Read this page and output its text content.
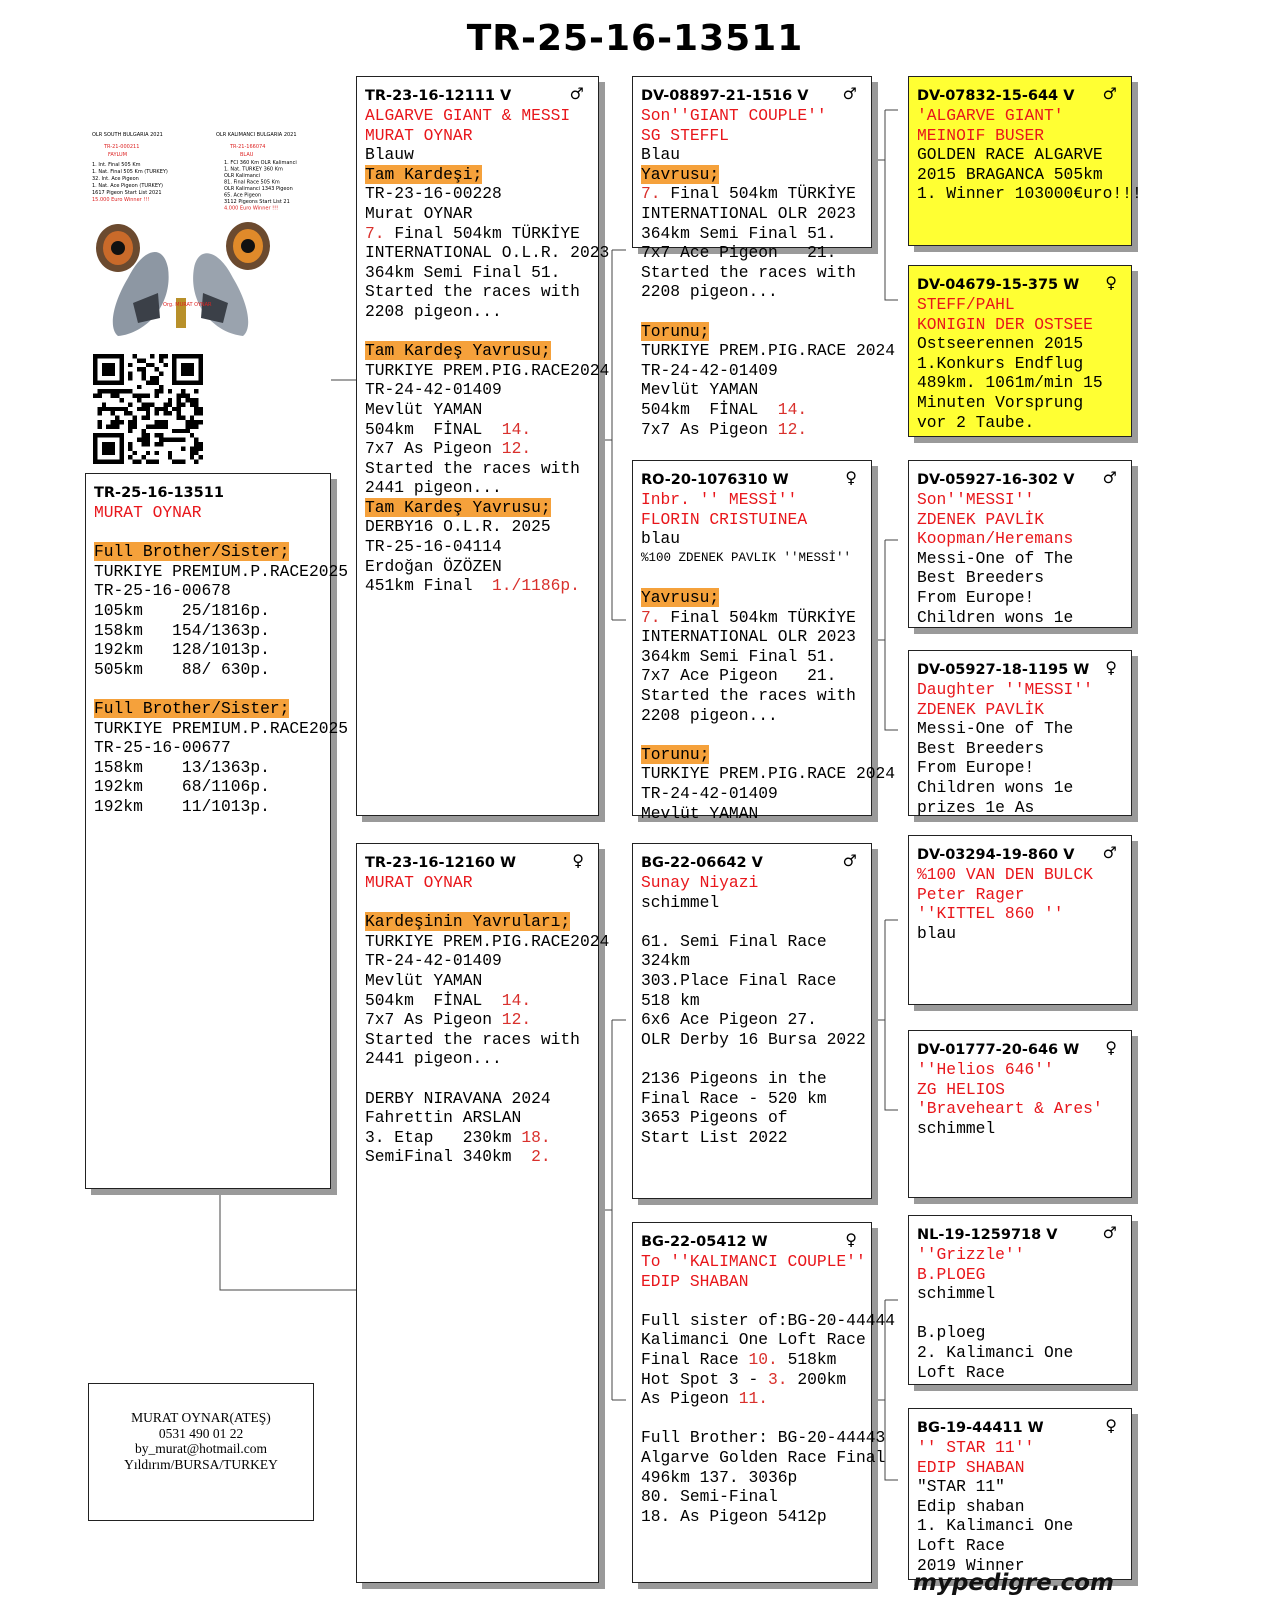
TR-25-16-13511
OLR SOUTH BULGARIA 2021	OLR KALIMANCI BULGARIA 2021
TR-21-000211
FAYLUM
TR-21-166074
BLAU
1. Int. Final 505 Km
1. Nat. Final 505 Km (TURKEY)
32. Int. Ace Pigeon
1. Nat. Ace Pigeon (TURKEY)
1617 Pigeon Start List 2021
15.000 Euro Winner !!!
1. FCI 360 Km OLR Kalimanci
1. Nat. TURKEY 360 Km
OLR Kalimanci
81. Final Race 505 Km
OLR Kalimanci 1343 Pigeon
65. Ace Pigeon
3112 Pigeons Start List 21
4.000 Euro Winner !!!
Org. MURAT OYNAR
TR-25-16-13511
MURAT OYNAR
Full Brother/Sister;
TURKIYE PREMIUM.P.RACE2025
TR-25-16-00678
105km    25/1816p.
158km   154/1363p.
192km   128/1013p.
505km    88/ 630p.
Full Brother/Sister;
TURKIYE PREMIUM.P.RACE2025
TR-25-16-00677
158km    13/1363p.
192km    68/1106p.
192km    11/1013p.
TR-23-16-12111 V	♂
ALGARVE GIANT & MESSI
MURAT OYNAR
Blauw
Tam Kardeşi;
TR-23-16-00228
Murat OYNAR
7. Final 504km TÜRKİYE
INTERNATIONAL O.L.R. 2023
364km Semi Final 51.
Started the races with
2208 pigeon...
Tam Kardeş Yavrusu;
TURKIYE PREM.PIG.RACE2024
TR-24-42-01409
Mevlüt YAMAN
504km  FİNAL  14.
7x7 As Pigeon 12.
Started the races with
2441 pigeon...
Tam Kardeş Yavrusu;
DERBY16 O.L.R. 2025
TR-25-16-04114
Erdoğan ÖZÖZEN
451km Final  1./1186p.
TR-23-16-12160 W	♀
MURAT OYNAR
Kardeşinin Yavruları;
TURKIYE PREM.PIG.RACE2024
TR-24-42-01409
Mevlüt YAMAN
504km  FİNAL  14.
7x7 As Pigeon 12.
Started the races with
2441 pigeon...
DERBY NIRAVANA 2024
Fahrettin ARSLAN
3. Etap   230km 18.
SemiFinal 340km  2.
DV-08897-21-1516 V	♂
Son''GIANT COUPLE''
SG STEFFL
Blau
Yavrusu;
7. Final 504km TÜRKİYE
INTERNATIONAL OLR 2023
364km Semi Final 51.
7x7 Ace Pigeon   21.
Started the races with
2208 pigeon...
Torunu;
TURKIYE PREM.PIG.RACE 2024
TR-24-42-01409
Mevlüt YAMAN
504km  FİNAL  14.
7x7 As Pigeon 12.
RO-20-1076310 W	♀
Inbr. '' MESSİ''
FLORIN CRISTUINEA
blau
%100 ZDENEK PAVLIK ''MESSİ''
Yavrusu;
7. Final 504km TÜRKİYE
INTERNATIONAL OLR 2023
364km Semi Final 51.
7x7 Ace Pigeon   21.
Started the races with
2208 pigeon...
Torunu;
TURKIYE PREM.PIG.RACE 2024
TR-24-42-01409
Mevlüt YAMAN
BG-22-06642 V	♂
Sunay Niyazi
schimmel
61. Semi Final Race
324km
303.Place Final Race
518 km
6x6 Ace Pigeon 27.
OLR Derby 16 Bursa 2022
2136 Pigeons in the
Final Race - 520 km
3653 Pigeons of
Start List 2022
BG-22-05412 W	♀
To ''KALIMANCI COUPLE''
EDIP SHABAN
Full sister of:BG-20-44444
Kalimanci One Loft Race
Final Race 10. 518km
Hot Spot 3 - 3. 200km
As Pigeon 11.
Full Brother: BG-20-44443
Algarve Golden Race Final
496km 137. 3036p
80. Semi-Final
18. As Pigeon 5412p
DV-07832-15-644 V	♂
'ALGARVE GIANT'
MEINOIF BUSER
GOLDEN RACE ALGARVE
2015 BRAGANCA 505km
1. Winner 103000€uro!!!
DV-04679-15-375 W	♀
STEFF/PAHL
KONIGIN DER OSTSEE
Ostseerennen 2015
1.Konkurs Endflug
489km. 1061m/min 15
Minuten Vorsprung
vor 2 Taube.
DV-05927-16-302 V	♂
Son''MESSI''
ZDENEK PAVLİK
Koopman/Heremans
Messi-One of The
Best Breeders
From Europe!
Children wons 1e
DV-05927-18-1195 W	♀
Daughter ''MESSI''
ZDENEK PAVLİK
Messi-One of The
Best Breeders
From Europe!
Children wons 1e
prizes 1e As
DV-03294-19-860 V	♂
%100 VAN DEN BULCK
Peter Rager
''KITTEL 860 ''
blau
DV-01777-20-646 W	♀
''Helios 646''
ZG HELIOS
'Braveheart & Ares'
schimmel
NL-19-1259718 V	♂
''Grizzle''
B.PLOEG
schimmel
B.ploeg
2. Kalimanci One
Loft Race
BG-19-44411 W	♀
'' STAR 11''
EDIP SHABAN
"STAR 11"
Edip shaban
1. Kalimanci One
Loft Race
2019 Winner
MURAT OYNAR(ATEŞ)
0531 490 01 22
by_murat@hotmail.com
Yıldırım/BURSA/TURKEY
mypedigre.com
